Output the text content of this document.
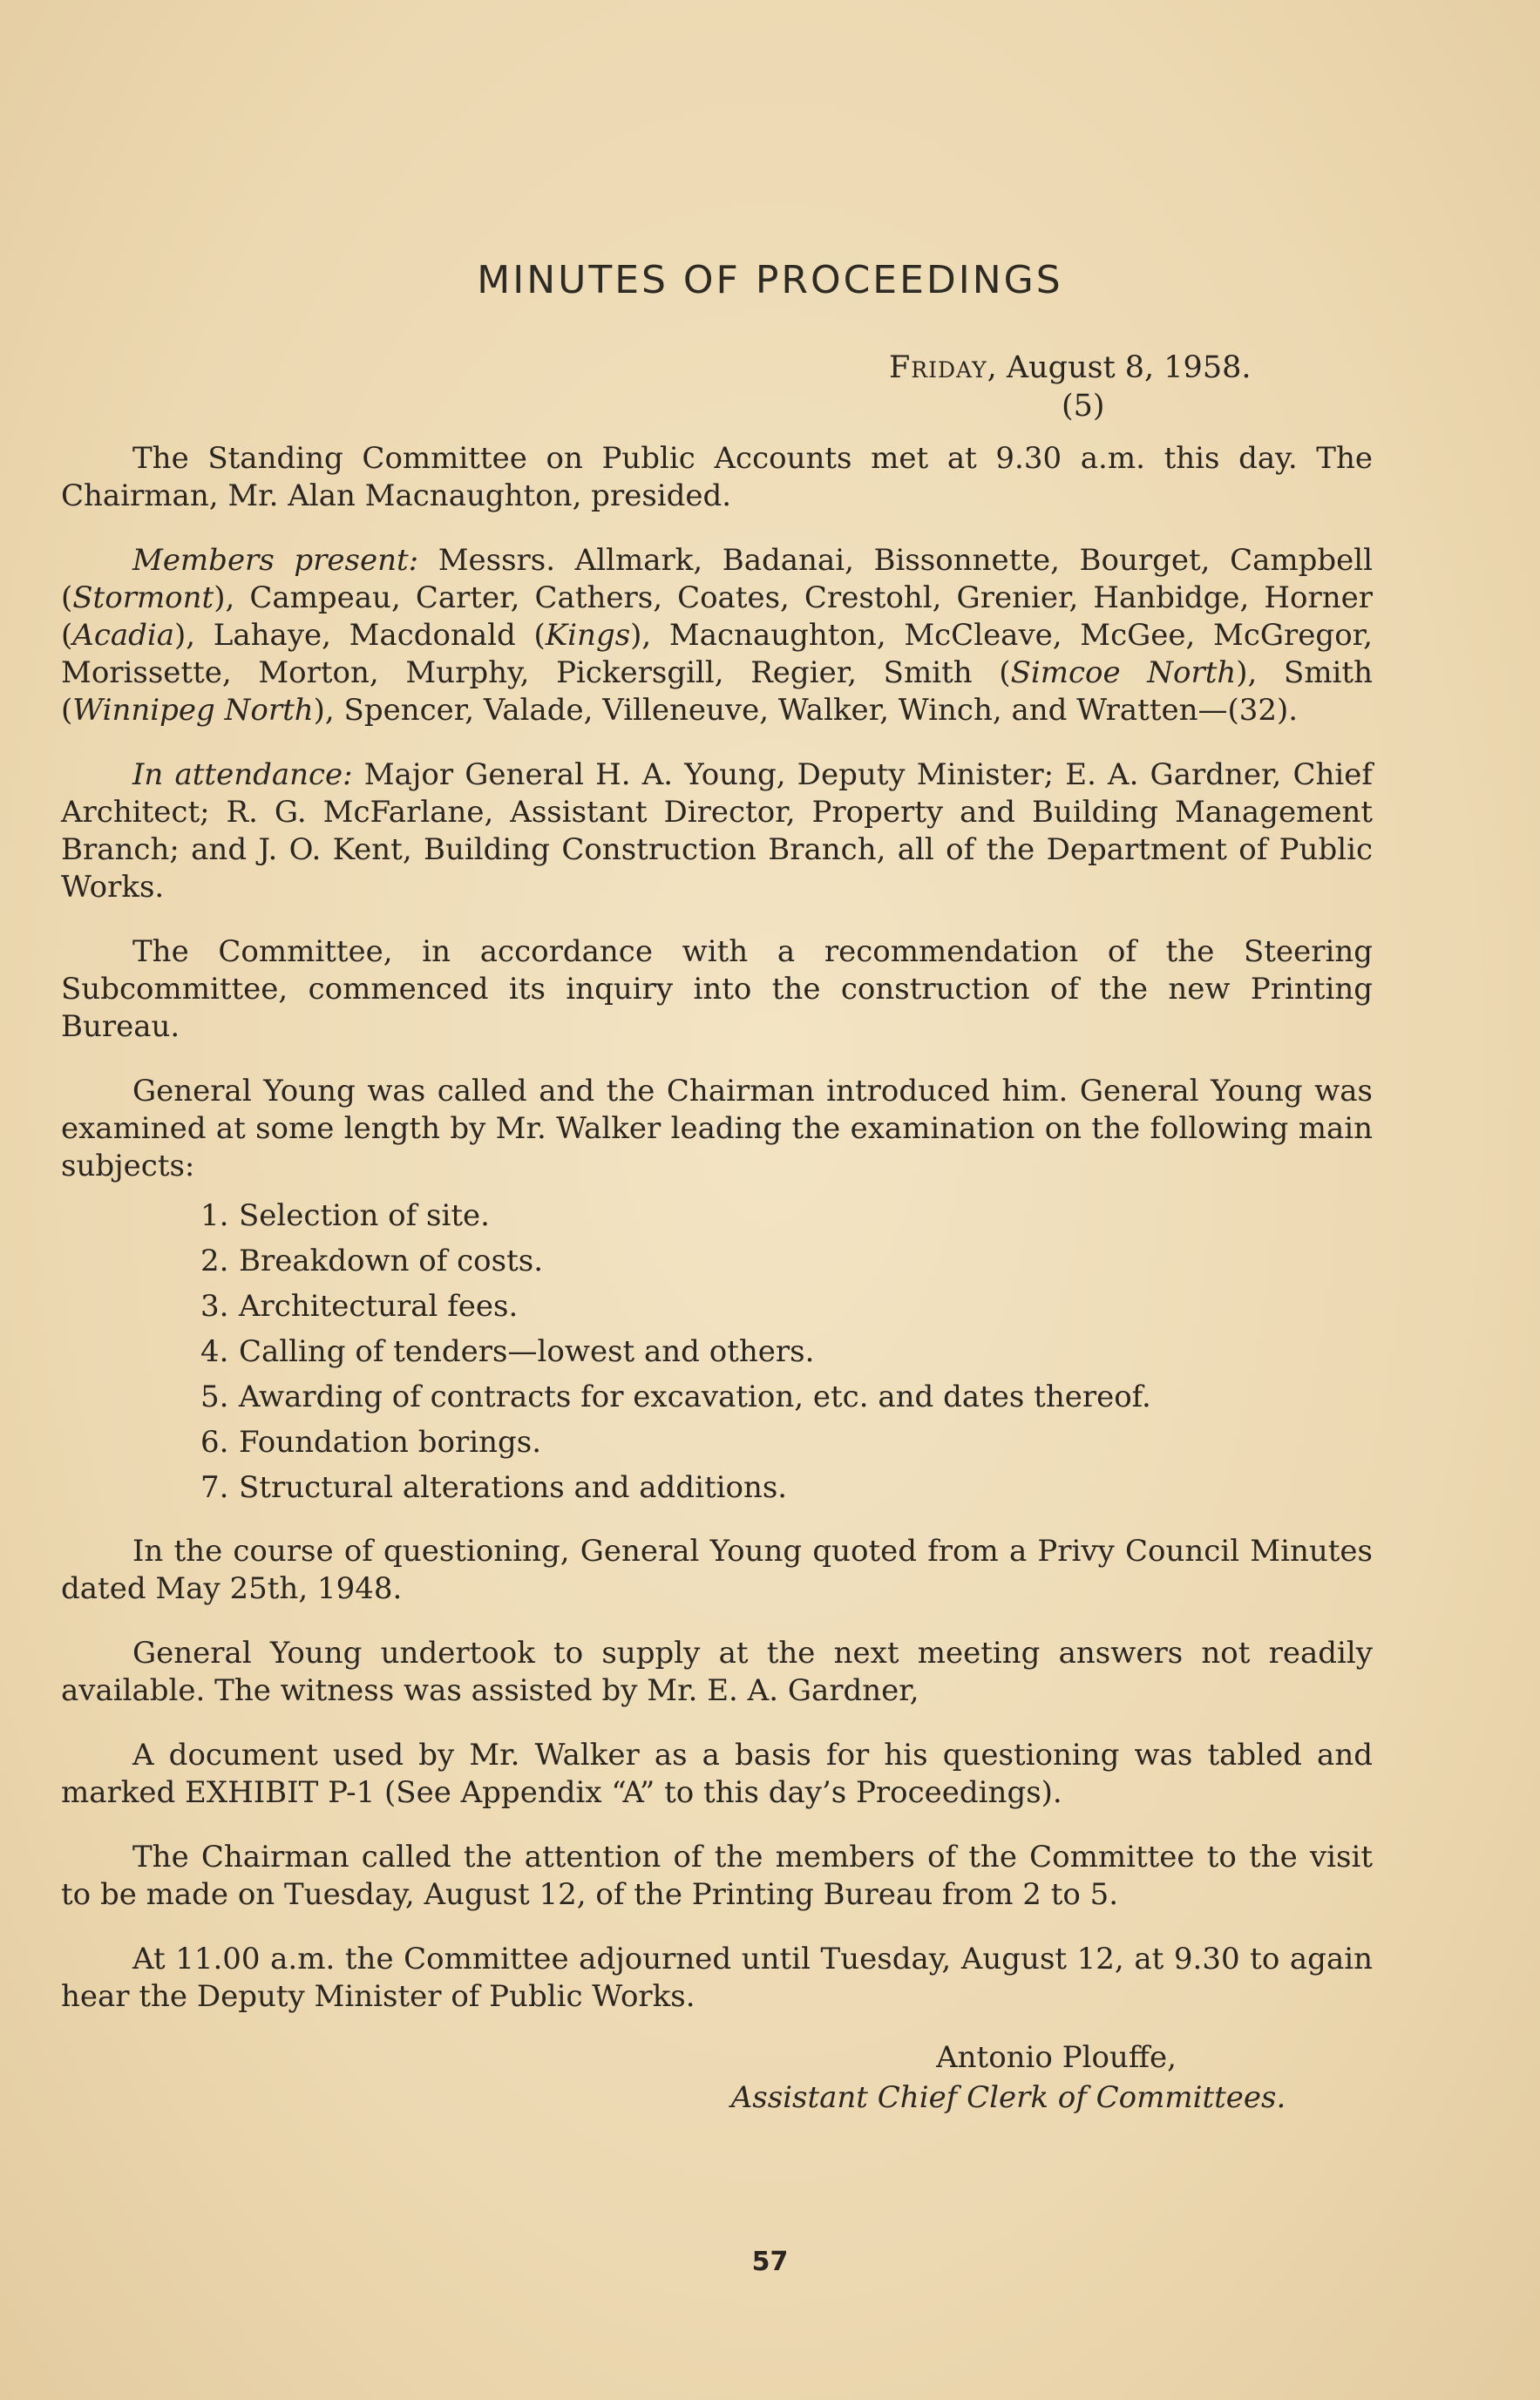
MINUTES OF PROCEEDINGS
Friday, August 8, 1958.
(5)

The Standing Committee on Public Accounts met at 9.30 a.m. this day. The Chairman, Mr. Alan Macnaughton, presided.

Members present: Messrs. Allmark, Badanai, Bissonnette, Bourget, Campbell (Stormont), Campeau, Carter, Cathers, Coates, Crestohl, Grenier, Hanbidge, Horner (Acadia), Lahaye, Macdonald (Kings), Macnaughton, McCleave, McGee, McGregor, Morissette, Morton, Murphy, Pickersgill, Regier, Smith (Simcoe North), Smith (Winnipeg North), Spencer, Valade, Villeneuve, Walker, Winch, and Wratten—(32).

In attendance: Major General H. A. Young, Deputy Minister; E. A. Gardner, Chief Architect; R. G. McFarlane, Assistant Director, Property and Building Management Branch; and J. O. Kent, Building Construction Branch, all of the Department of Public Works.

The Committee, in accordance with a recommendation of the Steering Subcommittee, commenced its inquiry into the construction of the new Printing Bureau.

General Young was called and the Chairman introduced him. General Young was examined at some length by Mr. Walker leading the examination on the following main subjects:

1. Selection of site.
2. Breakdown of costs.
3. Architectural fees.
4. Calling of tenders—lowest and others.
5. Awarding of contracts for excavation, etc. and dates thereof.
6. Foundation borings.
7. Structural alterations and additions.

In the course of questioning, General Young quoted from a Privy Council Minutes dated May 25th, 1948.

General Young undertook to supply at the next meeting answers not readily available. The witness was assisted by Mr. E. A. Gardner,

A document used by Mr. Walker as a basis for his questioning was tabled and marked EXHIBIT P-1 (See Appendix “A” to this day’s Proceedings).

The Chairman called the attention of the members of the Committee to the visit to be made on Tuesday, August 12, of the Printing Bureau from 2 to 5.

At 11.00 a.m. the Committee adjourned until Tuesday, August 12, at 9.30 to again hear the Deputy Minister of Public Works.

Antonio Plouffe,
Assistant Chief Clerk of Committees.
57
